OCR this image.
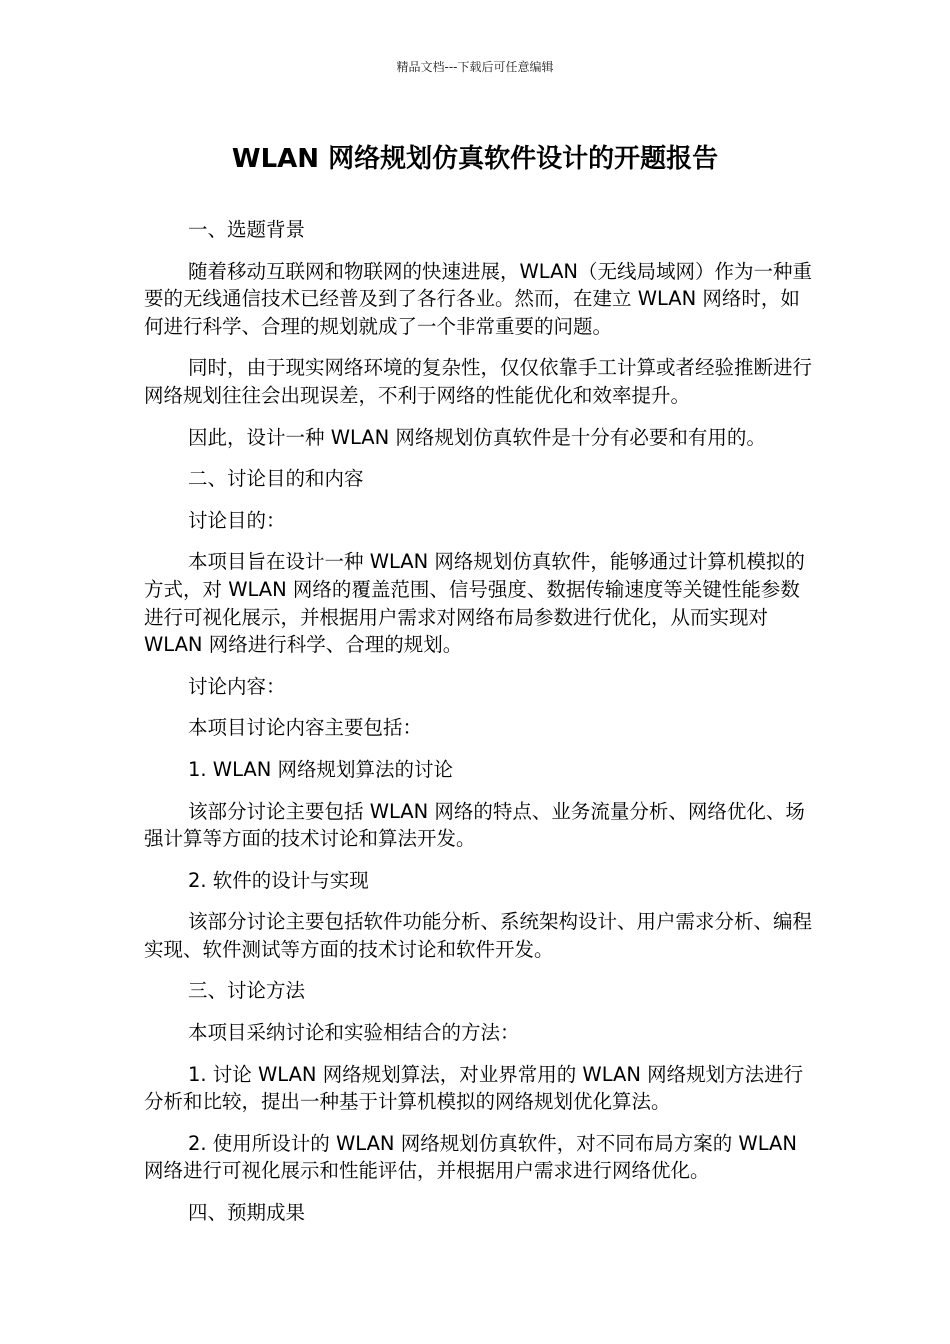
精品文档---下载后可任意编辑
WLAN 网络规划仿真软件设计的开题报告

一、选题背景

随着移动互联网和物联网的快速进展，WLAN（无线局域网）作为一种重要的无线通信技术已经普及到了各行各业。然而，在建立 WLAN 网络时，如何进行科学、合理的规划就成了一个非常重要的问题。

同时，由于现实网络环境的复杂性，仅仅依靠手工计算或者经验推断进行网络规划往往会出现误差，不利于网络的性能优化和效率提升。

因此，设计一种 WLAN 网络规划仿真软件是十分有必要和有用的。

二、讨论目的和内容

讨论目的：

本项目旨在设计一种 WLAN 网络规划仿真软件，能够通过计算机模拟的方式，对 WLAN 网络的覆盖范围、信号强度、数据传输速度等关键性能参数进行可视化展示，并根据用户需求对网络布局参数进行优化，从而实现对 WLAN 网络进行科学、合理的规划。

讨论内容：

本项目讨论内容主要包括：

1. WLAN 网络规划算法的讨论

该部分讨论主要包括 WLAN 网络的特点、业务流量分析、网络优化、场强计算等方面的技术讨论和算法开发。

2. 软件的设计与实现

该部分讨论主要包括软件功能分析、系统架构设计、用户需求分析、编程实现、软件测试等方面的技术讨论和软件开发。

三、讨论方法

本项目采纳讨论和实验相结合的方法：

1. 讨论 WLAN 网络规划算法，对业界常用的 WLAN 网络规划方法进行分析和比较，提出一种基于计算机模拟的网络规划优化算法。

2. 使用所设计的 WLAN 网络规划仿真软件，对不同布局方案的 WLAN 网络进行可视化展示和性能评估，并根据用户需求进行网络优化。

四、预期成果
